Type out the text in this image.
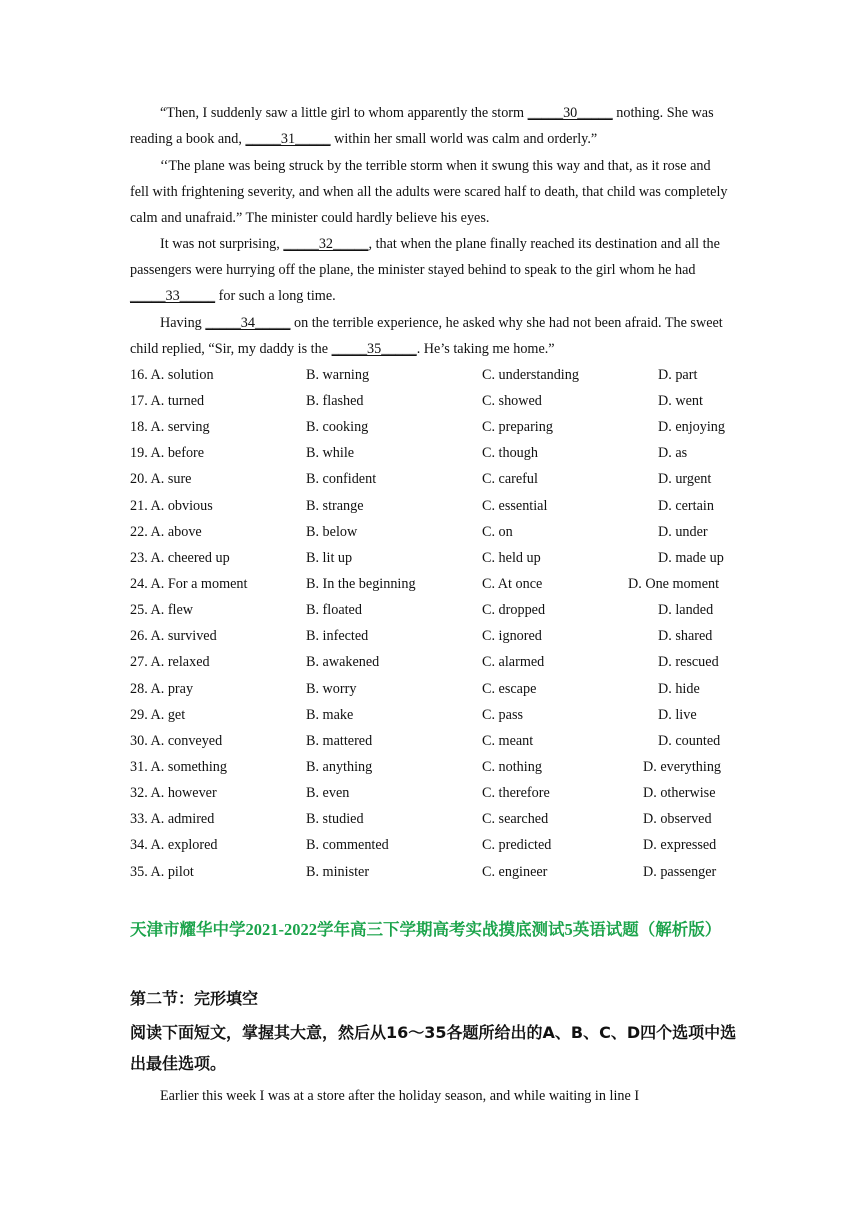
“Then, I suddenly saw a little girl to whom apparently the storm _____30_____ nothing. She was reading a book and, _____31_____ within her small world was calm and orderly.”
‘‘The plane was being struck by the terrible storm when it swung this way and that, as it rose and fell with frightening severity, and when all the adults were scared half to death, that child was completely calm and unafraid.” The minister could hardly believe his eyes.
It was not surprising, _____32_____, that when the plane finally reached its destination and all the passengers were hurrying off the plane, the minister stayed behind to speak to the girl whom he had _____33_____ for such a long time.
Having _____34_____ on the terrible experience, he asked why she had not been afraid. The sweet child replied, “Sir, my daddy is the _____35_____. He’s taking me home.”
16. A. solution	B. warning	C. understanding	D. part
17. A. turned	B. flashed	C. showed	D. went
18. A. serving	B. cooking	C. preparing	D. enjoying
19. A. before	B. while	C. though	D. as
20. A. sure	B. confident	C. careful	D. urgent
21. A. obvious	B. strange	C. essential	D. certain
22. A. above	B. below	C. on	D. under
23. A. cheered up	B. lit up	C. held up	D. made up
24. A. For a moment	B. In the beginning	C. At once	D. One moment
25. A. flew	B. floated	C. dropped	D. landed
26. A. survived	B. infected	C. ignored	D. shared
27. A. relaxed	B. awakened	C. alarmed	D. rescued
28. A. pray	B. worry	C. escape	D. hide
29. A. get	B. make	C. pass	D. live
30. A. conveyed	B. mattered	C. meant	D. counted
31. A. something	B. anything	C. nothing	D. everything
32. A. however	B. even	C. therefore	D. otherwise
33. A. admired	B. studied	C. searched	D. observed
34. A. explored	B. commented	C. predicted	D. expressed
35. A. pilot	B. minister	C. engineer	D. passenger
天津市耀华中学2021-2022学年高三下学期高考实战摸底测试5英语试题（解析版）
第二节：完形填空
阅读下面短文，掌握其大意，然后从16～35各题所给出的A、B、C、D四个选项中选出最佳选项。
Earlier this week I was at a store after the holiday season, and while waiting in line I
